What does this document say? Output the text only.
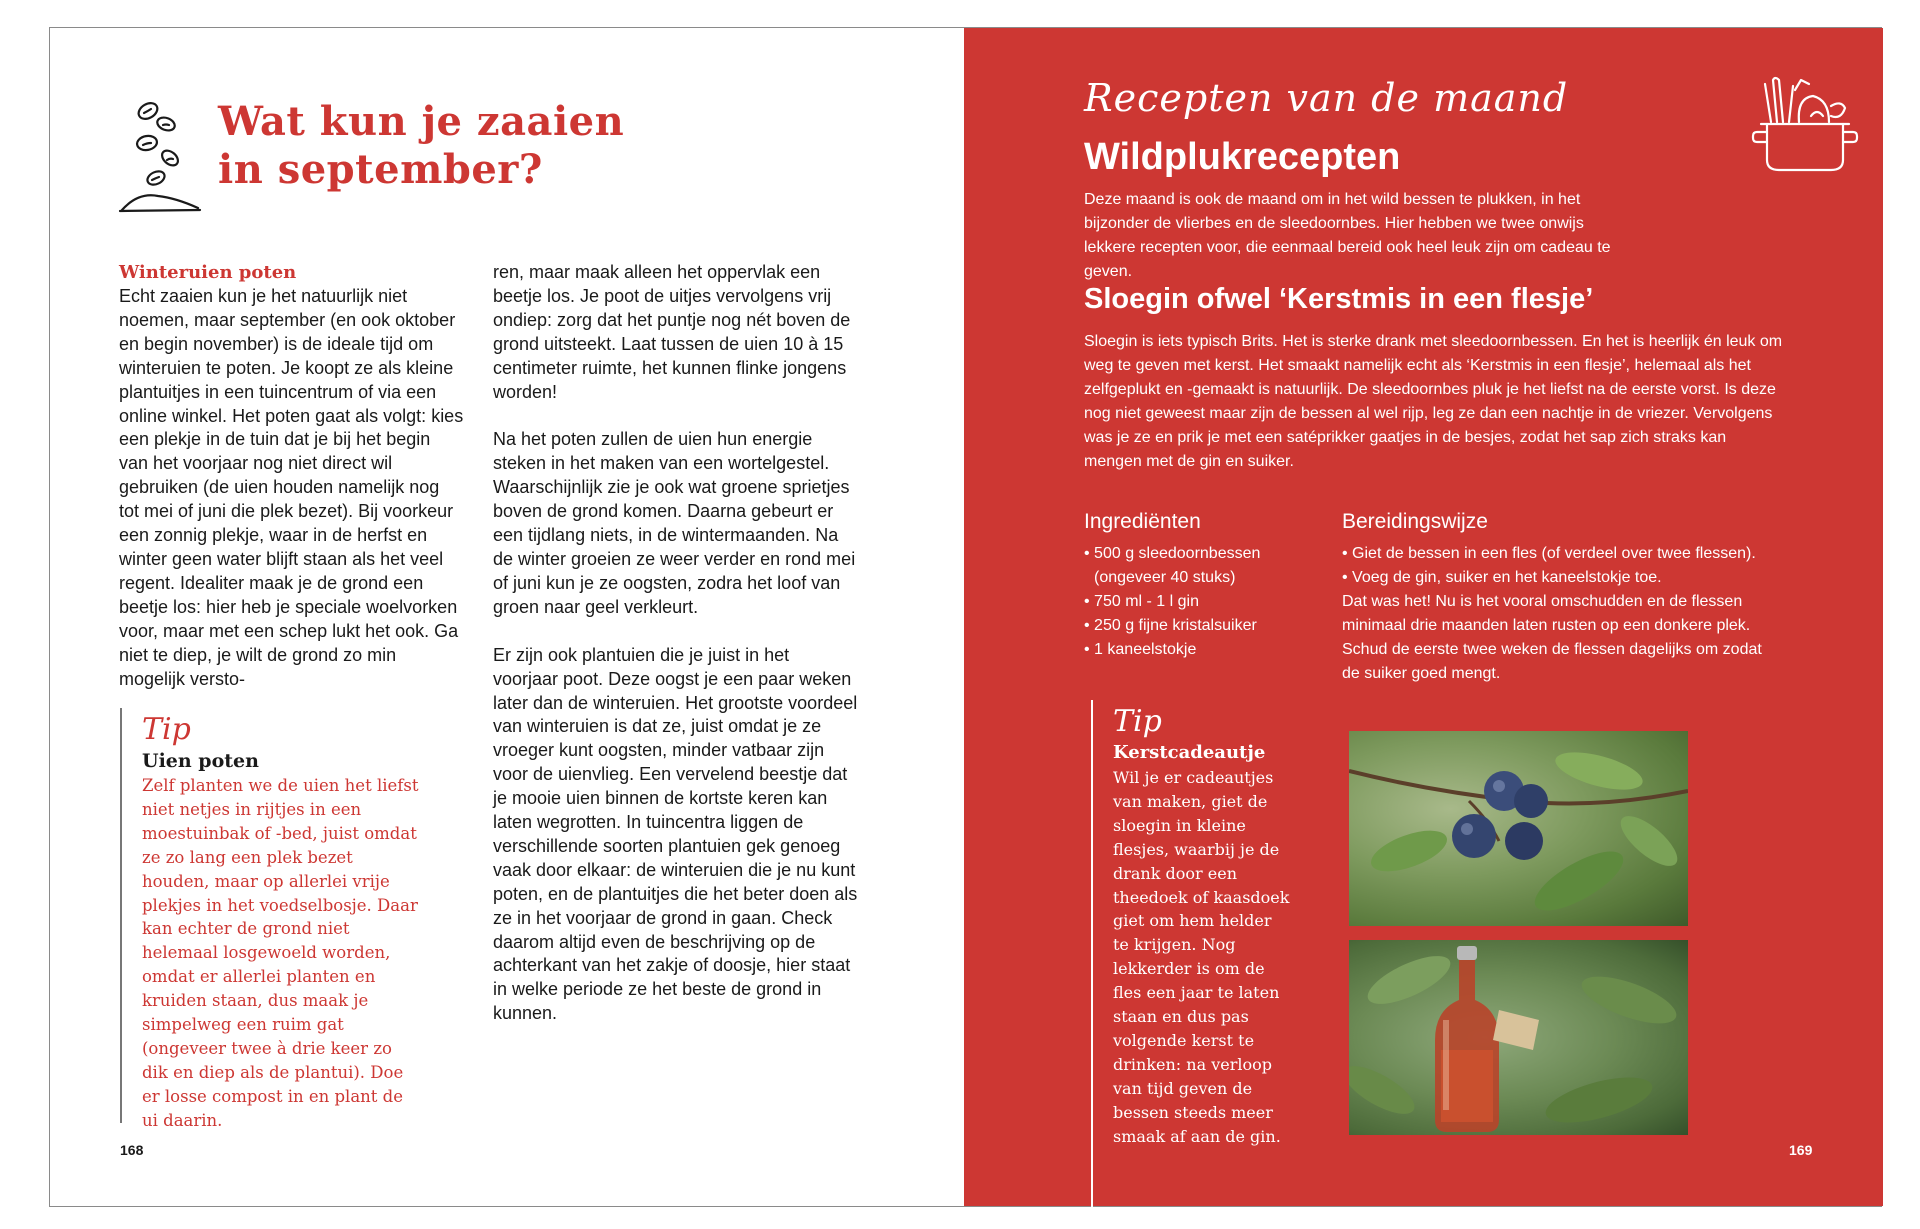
Wat kun je zaaien
in september?
Winteruien poten
Echt zaaien kun je het natuurlijk niet noemen, maar september (en ook oktober en begin november) is de ideale tijd om winteruien te poten. Je koopt ze als kleine plantuitjes in een tuincentrum of via een online winkel. Het poten gaat als volgt: kies een plekje in de tuin dat je bij het begin van het voorjaar nog niet direct wil gebruiken (de uien houden namelijk nog tot mei of juni die plek bezet). Bij voorkeur een zonnig plekje, waar in de herfst en winter geen water blijft staan als het veel regent. Idealiter maak je de grond een beetje los: hier heb je speciale woelvorken voor, maar met een schep lukt het ook. Ga niet te diep, je wilt de grond zo min mogelijk versto-
ren, maar maak alleen het oppervlak een beetje los. Je poot de uitjes vervolgens vrij ondiep: zorg dat het puntje nog nét boven de grond uitsteekt. Laat tussen de uien 10 à 15 centimeter ruimte, het kunnen flinke jongens worden!
Na het poten zullen de uien hun energie steken in het maken van een wortelgestel. Waarschijnlijk zie je ook wat groene sprietjes boven de grond komen. Daarna gebeurt er een tijdlang niets, in de wintermaanden. Na de winter groeien ze weer verder en rond mei of juni kun je ze oogsten, zodra het loof van groen naar geel verkleurt.
Er zijn ook plantuien die je juist in het voorjaar poot. Deze oogst je een paar weken later dan de winteruien. Het grootste voordeel van winteruien is dat ze, juist omdat je ze vroeger kunt oogsten, minder vatbaar zijn voor de uienvlieg. Een vervelend beestje dat je mooie uien binnen de kortste keren kan laten wegrotten. In tuincentra liggen de verschillende soorten plantuien gek genoeg vaak door elkaar: de winteruien die je nu kunt poten, en de plantuitjes die het beter doen als ze in het voorjaar de grond in gaan. Check daarom altijd even de beschrijving op de achterkant van het zakje of doosje, hier staat in welke periode ze het beste de grond in kunnen.
Tip
Uien poten
Zelf planten we de uien het liefst niet netjes in rijtjes in een moestuinbak of -bed, juist omdat ze zo lang een plek bezet houden, maar op allerlei vrije plekjes in het voedselbosje. Daar kan echter de grond niet helemaal losgewoeld worden, omdat er allerlei planten en kruiden staan, dus maak je simpelweg een ruim gat (ongeveer twee à drie keer zo dik en diep als de plantui). Doe er losse compost in en plant de ui daarin.
168
Recepten van de maand
Wildplukrecepten
Deze maand is ook de maand om in het wild bessen te plukken, in het bijzonder de vlierbes en de sleedoornbes. Hier hebben we twee onwijs lekkere recepten voor, die eenmaal bereid ook heel leuk zijn om cadeau te geven.
Sloegin ofwel ‘Kerstmis in een flesje’
Sloegin is iets typisch Brits. Het is sterke drank met sleedoornbessen. En het is heerlijk én leuk om weg te geven met kerst. Het smaakt namelijk echt als ‘Kerstmis in een flesje’, helemaal als het zelfgeplukt en -gemaakt is natuurlijk. De sleedoornbes pluk je het liefst na de eerste vorst. Is deze nog niet geweest maar zijn de bessen al wel rijp, leg ze dan een nachtje in de vriezer. Vervolgens was je ze en prik je met een satéprikker gaatjes in de besjes, zodat het sap zich straks kan mengen met de gin en suiker.
Ingrediënten
• 500 g sleedoornbessen
(ongeveer 40 stuks)
• 750 ml - 1 l gin
• 250 g fijne kristalsuiker
• 1 kaneelstokje
Bereidingswijze
• Giet de bessen in een fles (of verdeel over twee flessen).
• Voeg de gin, suiker en het kaneelstokje toe.
Dat was het! Nu is het vooral omschudden en de flessen minimaal drie maanden laten rusten op een donkere plek. Schud de eerste twee weken de flessen dagelijks om zodat de suiker goed mengt.
Tip
Kerstcadeautje
Wil je er cadeautjes van maken, giet de sloegin in kleine flesjes, waarbij je de drank door een theedoek of kaasdoek giet om hem helder te krijgen. Nog lekkerder is om de fles een jaar te laten staan en dus pas volgende kerst te drinken: na verloop van tijd geven de bessen steeds meer smaak af aan de gin.
169
